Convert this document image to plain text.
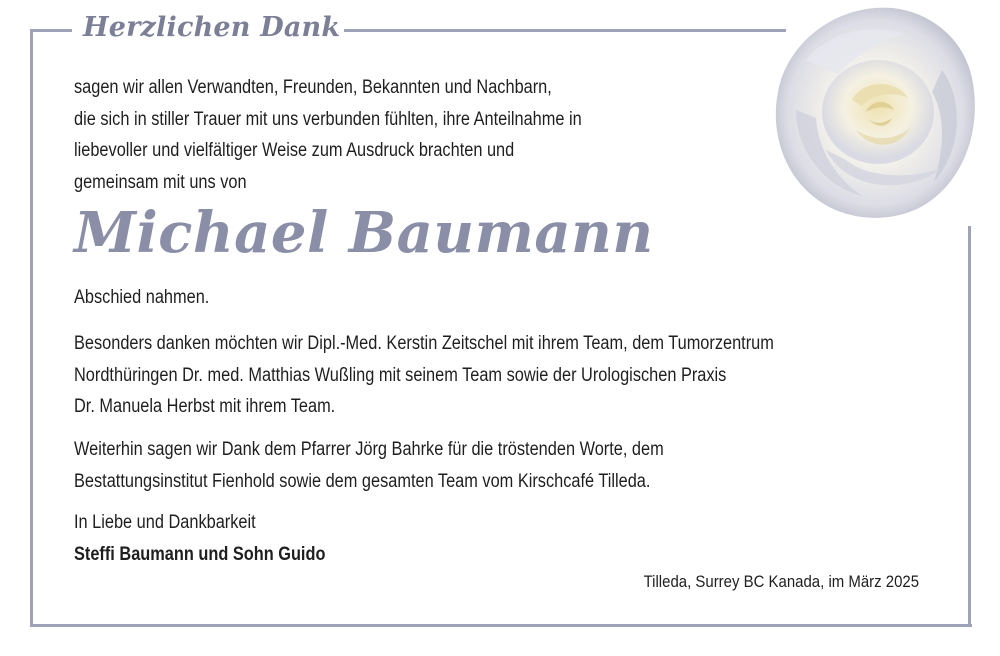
Herzlichen Dank

sagen wir allen Verwandten, Freunden, Bekannten und Nachbarn,
die sich in stiller Trauer mit uns verbunden fühlten, ihre Anteilnahme in
liebevoller und vielfältiger Weise zum Ausdruck brachten und
gemeinsam mit uns von

Michael Baumann

Abschied nahmen.

Besonders danken möchten wir Dipl.-Med. Kerstin Zeitschel mit ihrem Team, dem Tumorzentrum
Nordthüringen Dr. med. Matthias Wußling mit seinem Team sowie der Urologischen Praxis
Dr. Manuela Herbst mit ihrem Team.

Weiterhin sagen wir Dank dem Pfarrer Jörg Bahrke für die tröstenden Worte, dem
Bestattungsinstitut Fienhold sowie dem gesamten Team vom Kirschcafé Tilleda.

In Liebe und Dankbarkeit

Steffi Baumann und Sohn Guido

Tilleda, Surrey BC Kanada, im März 2025
